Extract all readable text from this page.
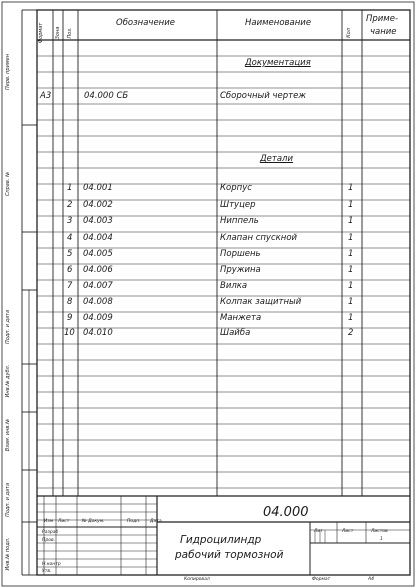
Формат	Зона	Поз.
Обозначение	Наименование
Кол
Приме-
чание
Перв. примен
Справ. №
Подп. и дата
Инв.№ дубл.
Взам. инв.№
Подп. и дата
Инв.№ подл.
Документация
Детали
А3	04.000 СБ	Сборочный чертеж
1 04.001	Корпус	1
2 04.002	Штуцер	1
3 04.003	Ниппель	1
4 04.004	Клапан спускной	1
5 04.005	Поршень	1
6 04.006	Пружина	1
7 04.007	Вилка	1
8 04.008	Колпак защитный	1
9 04.009	Манжета	1
10 04.010	Шайба	2
04.000
Гидроцилиндр
рабочий тормозной
Изм Лист	№ Докум.	Подп. Дата
Разраб
Пров.
Н.контр
Утв.
Лит	Лист	Листов
1
Копировал	Формат	А4
